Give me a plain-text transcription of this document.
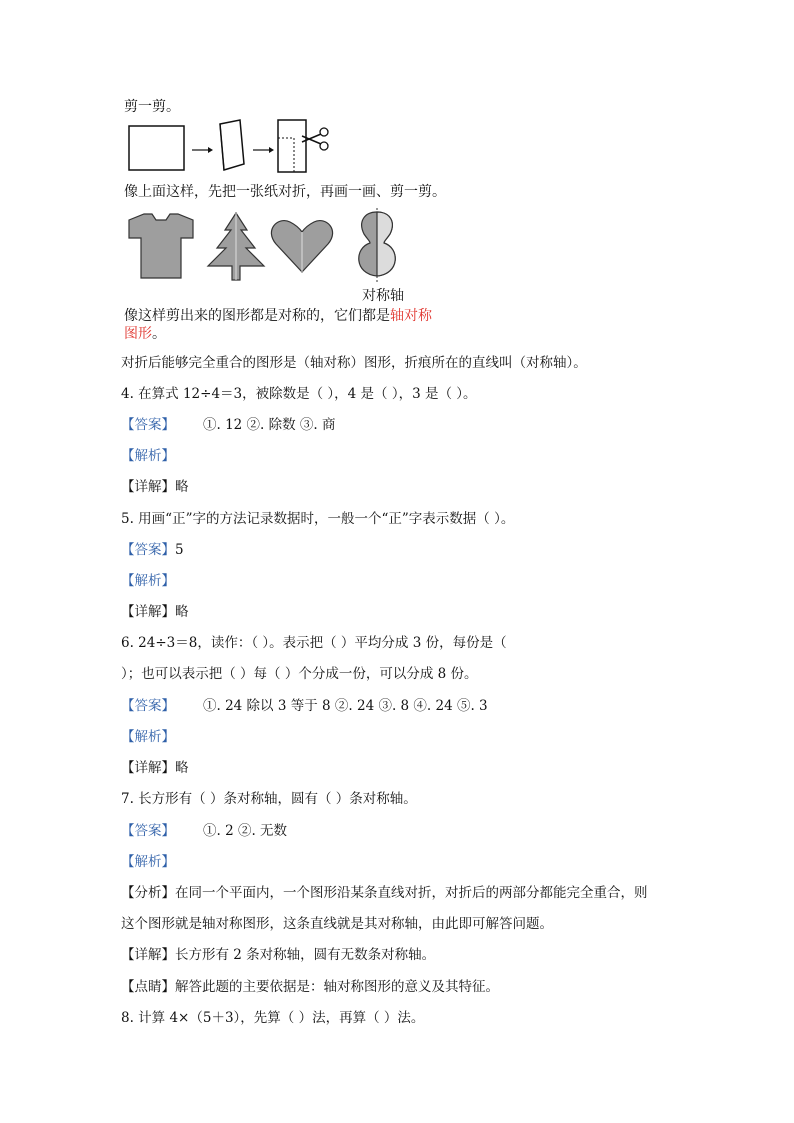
剪一剪。
像上面这样，先把一张纸对折，再画一画、剪一剪。
对称轴
像这样剪出来的图形都是对称的，它们都是轴对称
图形。
对折后能够完全重合的图形是（轴对称）图形，折痕所在的直线叫（对称轴）。
4. 在算式 12÷4＝3，被除数是（ ），4 是（ ），3 是（ ）。
【答案】 ①. 12 ②. 除数 ③. 商
【解析】
【详解】略
5. 用画“正”字的方法记录数据时，一般一个“正”字表示数据（ ）。
【答案】5
【解析】
【详解】略
6. 24÷3＝8，读作：（ ）。表示把（ ）平均分成 3 份，每份是（
）；也可以表示把（ ）每（ ）个分成一份，可以分成 8 份。
【答案】 ①. 24 除以 3 等于 8 ②. 24 ③. 8 ④. 24 ⑤. 3
【解析】
【详解】略
7. 长方形有（ ）条对称轴，圆有（ ）条对称轴。
【答案】 ①. 2 ②. 无数
【解析】
【分析】在同一个平面内，一个图形沿某条直线对折，对折后的两部分都能完全重合，则
这个图形就是轴对称图形，这条直线就是其对称轴，由此即可解答问题。
【详解】长方形有 2 条对称轴，圆有无数条对称轴。
【点睛】解答此题的主要依据是：轴对称图形的意义及其特征。
8. 计算 4×（5＋3），先算（ ）法，再算（ ）法。
